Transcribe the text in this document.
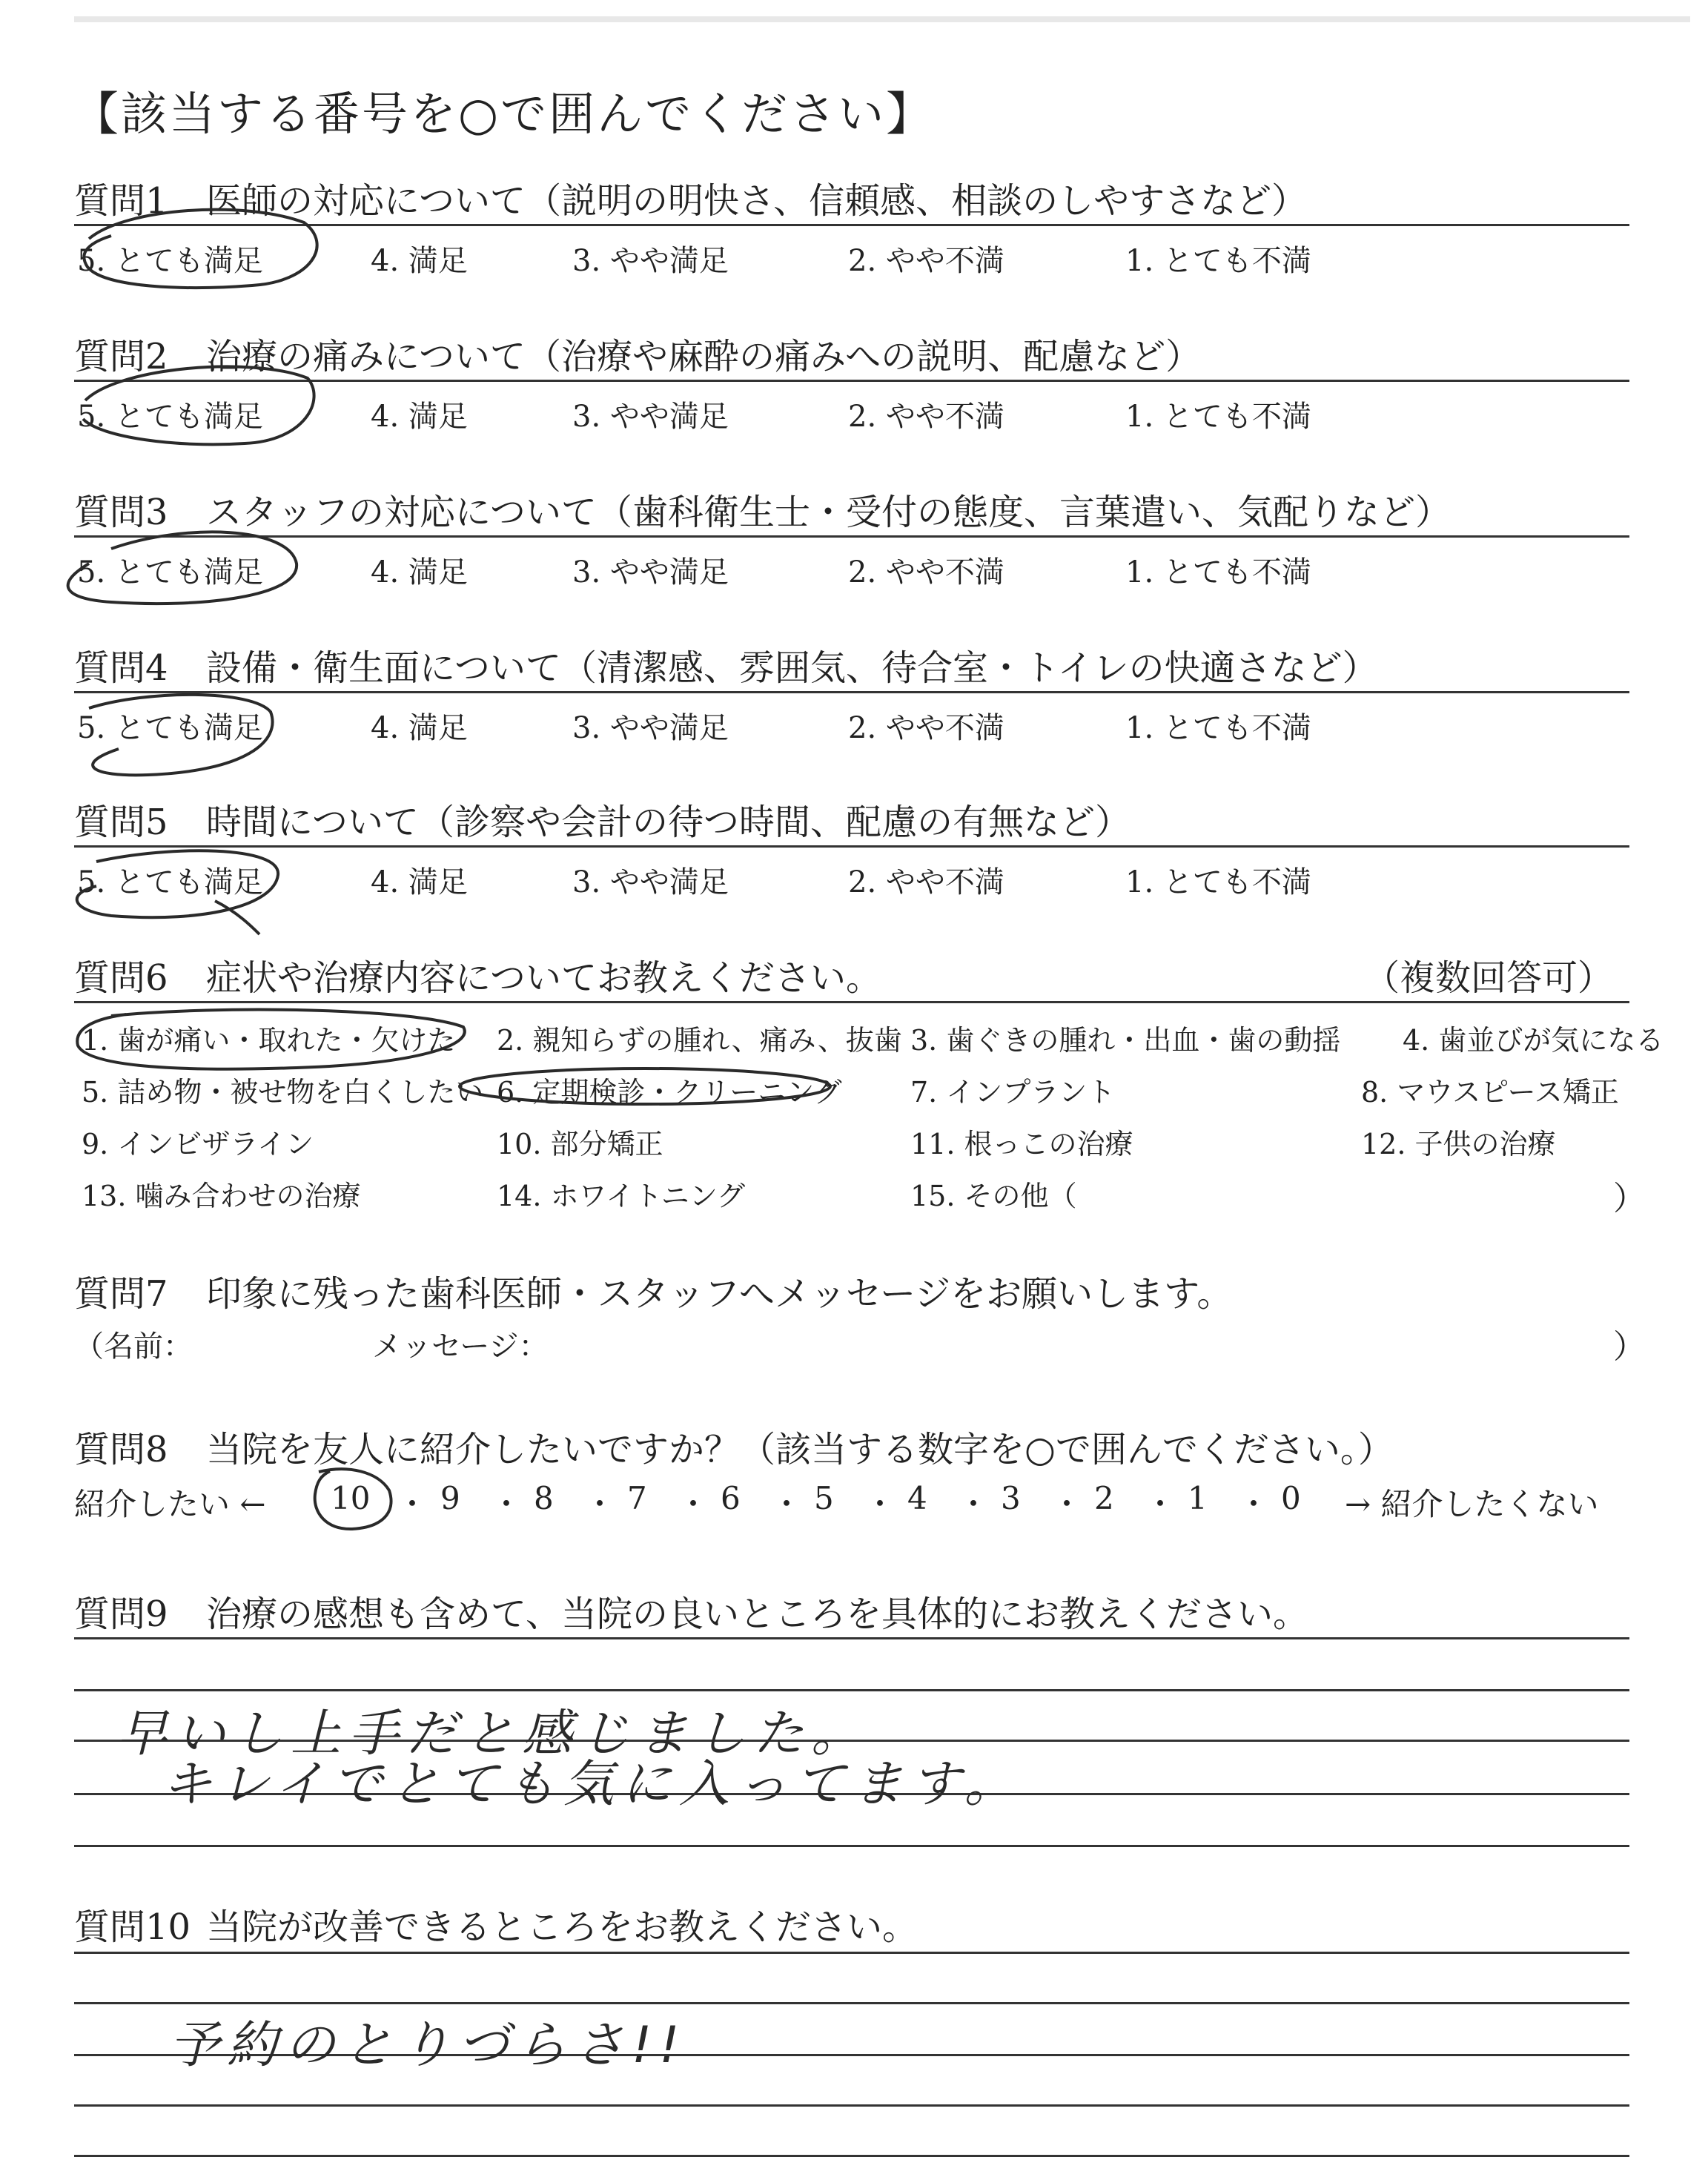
【該当する番号を○で囲んでください】
質問1 医師の対応について（説明の明快さ、信頼感、相談のしやすさなど）
5. とても満足	4. 満足	3. やや満足	2. やや不満	1. とても不満
質問2 治療の痛みについて（治療や麻酔の痛みへの説明、配慮など）
5. とても満足	4. 満足	3. やや満足	2. やや不満	1. とても不満
質問3 スタッフの対応について（歯科衛生士・受付の態度、言葉遣い、気配りなど）
5. とても満足	4. 満足	3. やや満足	2. やや不満	1. とても不満
質問4 設備・衛生面について（清潔感、雰囲気、待合室・トイレの快適さなど）
5. とても満足	4. 満足	3. やや満足	2. やや不満	1. とても不満
質問5 時間について（診察や会計の待つ時間、配慮の有無など）
5. とても満足	4. 満足	3. やや満足	2. やや不満	1. とても不満
質問6 症状や治療内容についてお教えください。	（複数回答可）
1. 歯が痛い・取れた・欠けた 2. 親知らずの腫れ、痛み、抜歯 3. 歯ぐきの腫れ・出血・歯の動揺 4. 歯並びが気になる
5. 詰め物・被せ物を白くしたい 6. 定期検診・クリーニング 7. インプラント	8. マウスピース矯正
9. インビザライン	10. 部分矯正	11. 根っこの治療	12. 子供の治療
13. 噛み合わせの治療	14. ホワイトニング	15. その他（	）
質問7 印象に残った歯科医師・スタッフへメッセージをお願いします。
（名前：	メッセージ：	）
質問8 当院を友人に紹介したいですか？（該当する数字を○で囲んでください。）
紹介したい ← 10 ・ 9 ・ 8 ・ 7 ・ 6 ・ 5 ・ 4 ・ 3 ・ 2 ・ 1 ・ 0 → 紹介したくない
質問9 治療の感想も含めて、当院の良いところを具体的にお教えください。
早いし上手だと感じました。
キレイでとても気に入ってます。
質問10 当院が改善できるところをお教えください。
予約のとりづらさ!!
